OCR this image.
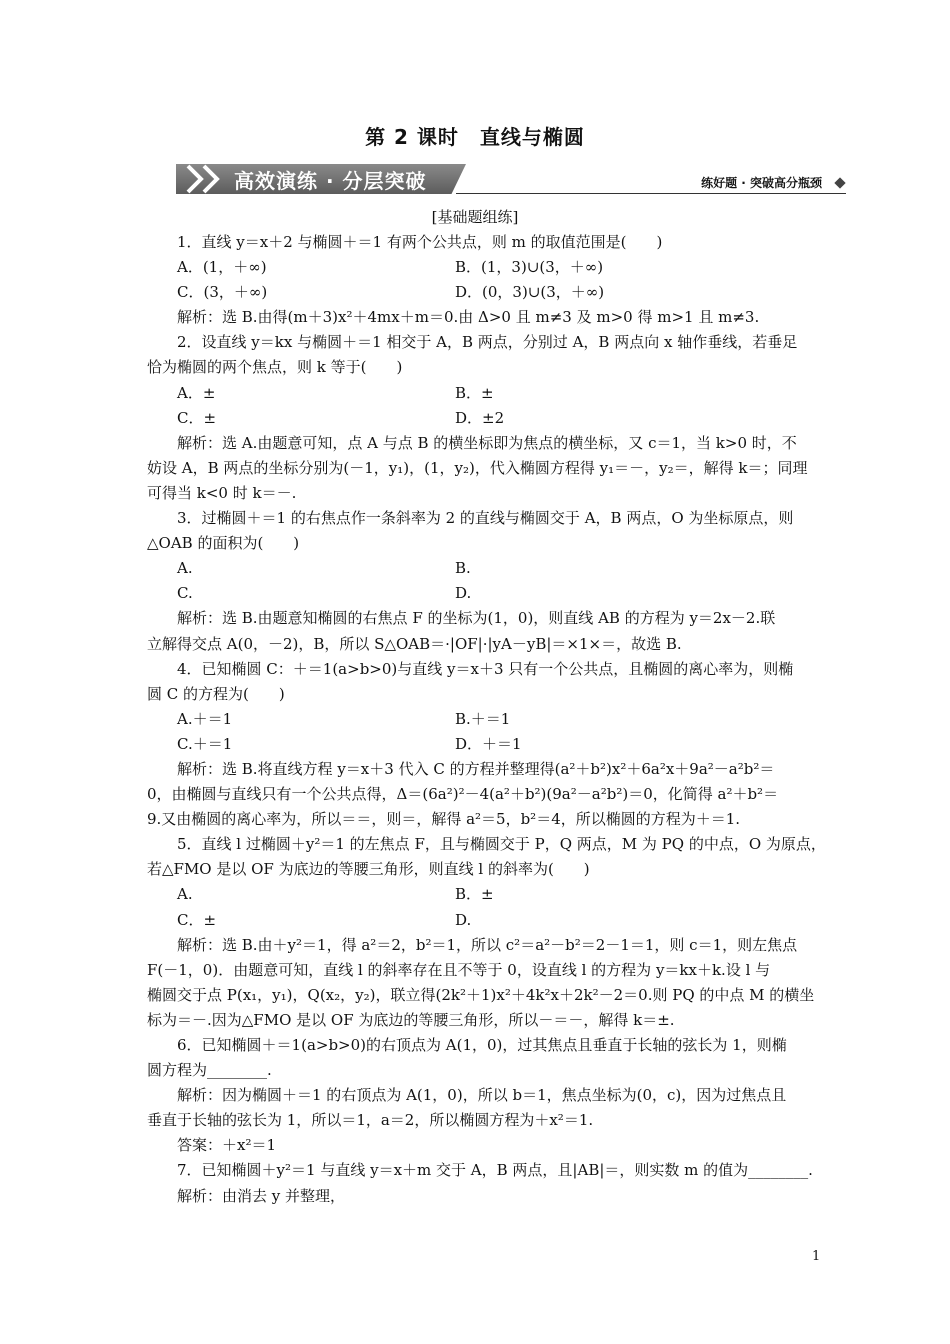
第 2 课时　直线与椭圆
高效演练 · 分层突破	练好题 · 突破高分瓶颈
[基础题组练]
1．直线 y＝x＋2 与椭圆＋＝1 有两个公共点，则 m 的取值范围是(　　)
A．(1，＋∞)	B．(1，3)∪(3，＋∞)
C．(3，＋∞)	D．(0，3)∪(3，＋∞)
解析：选 B.由得(m＋3)x²＋4mx＋m＝0.由 Δ>0 且 m≠3 及 m>0 得 m>1 且 m≠3.
2．设直线 y＝kx 与椭圆＋＝1 相交于 A，B 两点，分别过 A，B 两点向 x 轴作垂线，若垂足
恰为椭圆的两个焦点，则 k 等于(　　)
A．±	B．±
C．±	D．±2
解析：选 A.由题意可知，点 A 与点 B 的横坐标即为焦点的横坐标，又 c＝1，当 k>0 时，不
妨设 A，B 两点的坐标分别为(－1，y₁)，(1，y₂)，代入椭圆方程得 y₁＝－，y₂＝，解得 k＝；同理
可得当 k<0 时 k＝－.
3．过椭圆＋＝1 的右焦点作一条斜率为 2 的直线与椭圆交于 A，B 两点，O 为坐标原点，则
△OAB 的面积为(　　)
A.	B.
C.	D.
解析：选 B.由题意知椭圆的右焦点 F 的坐标为(1，0)，则直线 AB 的方程为 y＝2x－2.联
立解得交点 A(0，－2)，B，所以 S△OAB＝·|OF|·|yA－yB|＝×1×＝，故选 B.
4．已知椭圆 C：＋＝1(a>b>0)与直线 y＝x＋3 只有一个公共点，且椭圆的离心率为，则椭
圆 C 的方程为(　　)
A.＋＝1	B.＋＝1
C.＋＝1	D．＋＝1
解析：选 B.将直线方程 y＝x＋3 代入 C 的方程并整理得(a²＋b²)x²＋6a²x＋9a²－a²b²＝
0，由椭圆与直线只有一个公共点得，Δ＝(6a²)²－4(a²＋b²)(9a²－a²b²)＝0，化简得 a²＋b²＝
9.又由椭圆的离心率为，所以＝＝，则＝，解得 a²＝5，b²＝4，所以椭圆的方程为＋＝1.
5．直线 l 过椭圆＋y²＝1 的左焦点 F，且与椭圆交于 P，Q 两点，M 为 PQ 的中点，O 为原点，
若△FMO 是以 OF 为底边的等腰三角形，则直线 l 的斜率为(　　)
A.	B．±
C．±	D.
解析：选 B.由＋y²＝1，得 a²＝2，b²＝1，所以 c²＝a²－b²＝2－1＝1，则 c＝1，则左焦点
F(－1，0)．由题意可知，直线 l 的斜率存在且不等于 0，设直线 l 的方程为 y＝kx＋k.设 l 与
椭圆交于点 P(x₁，y₁)，Q(x₂，y₂)，联立得(2k²＋1)x²＋4k²x＋2k²－2＝0.则 PQ 的中点 M 的横坐
标为＝－.因为△FMO 是以 OF 为底边的等腰三角形，所以－＝－，解得 k＝±.
6．已知椭圆＋＝1(a>b>0)的右顶点为 A(1，0)，过其焦点且垂直于长轴的弦长为 1，则椭
圆方程为________.
解析：因为椭圆＋＝1 的右顶点为 A(1，0)，所以 b＝1，焦点坐标为(0，c)，因为过焦点且
垂直于长轴的弦长为 1，所以＝1，a＝2，所以椭圆方程为＋x²＝1.
答案：＋x²＝1
7．已知椭圆＋y²＝1 与直线 y＝x＋m 交于 A，B 两点，且|AB|＝，则实数 m 的值为________.
解析：由消去 y 并整理，
1
